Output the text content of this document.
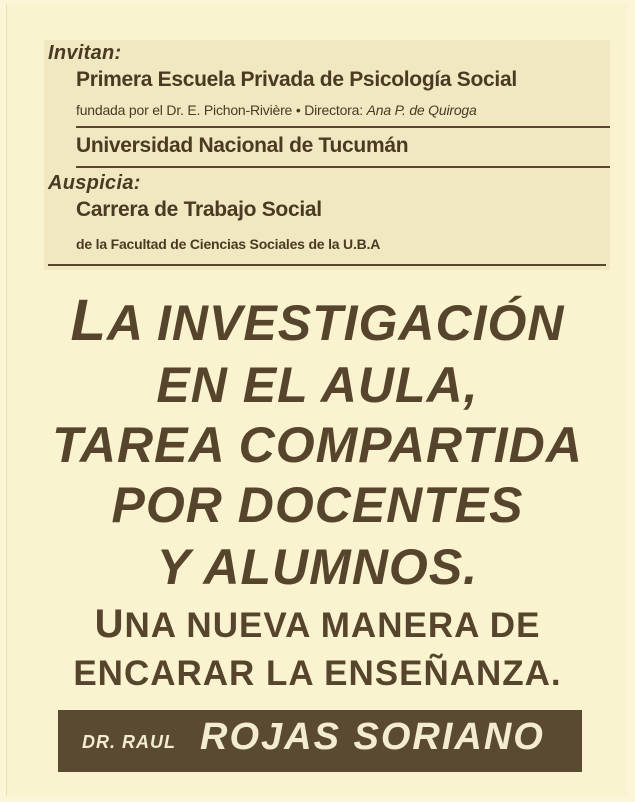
Invitan:
Primera Escuela Privada de Psicología Social
fundada por el Dr. E. Pichon-Rivière • Directora: Ana P. de Quiroga
Universidad Nacional de Tucumán
Auspicia:
Carrera de Trabajo Social
de la Facultad de Ciencias Sociales de la U.B.A
LA INVESTIGACIÓN
EN EL AULA,
TAREA COMPARTIDA
POR DOCENTES
Y ALUMNOS.
UNA NUEVA MANERA DE
ENCARAR LA ENSEÑANZA.
DR. RAUL ROJAS SORIANO
